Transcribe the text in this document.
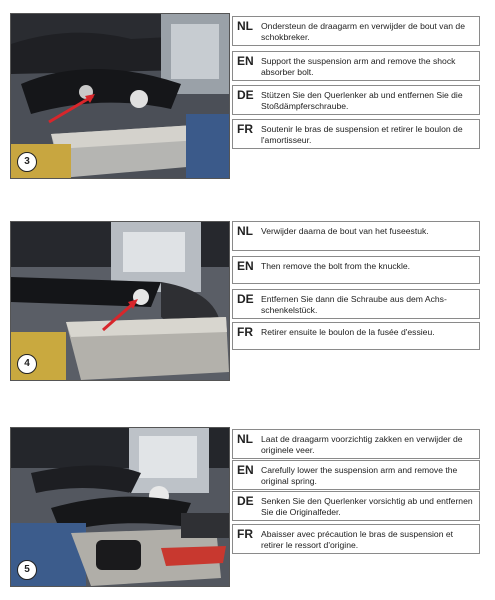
3
NL Ondersteun de draagarm en verwijder de bout van de schokbreker.
EN Support the suspension arm and remove the shock absorber bolt.
DE Stützen Sie den Querlenker ab und entfernen Sie die Stoßdämpferschraube.
FR Soutenir le bras de suspension et retirer le boulon de l'amortisseur.
4
NL Verwijder daarna de bout van het fuseestuk.
EN Then remove the bolt from the knuckle.
DE Entfernen Sie dann die Schraube aus dem Achs-schenkelstück.
FR Retirer ensuite le boulon de la fusée d'essieu.
5
NL Laat de draagarm voorzichtig zakken en verwijder de originele veer.
EN Carefully lower the suspension arm and remove the original spring.
DE Senken Sie den Querlenker vorsichtig ab und entfernen Sie die Originalfeder.
FR Abaisser avec précaution le bras de suspension et retirer le ressort d'origine.
